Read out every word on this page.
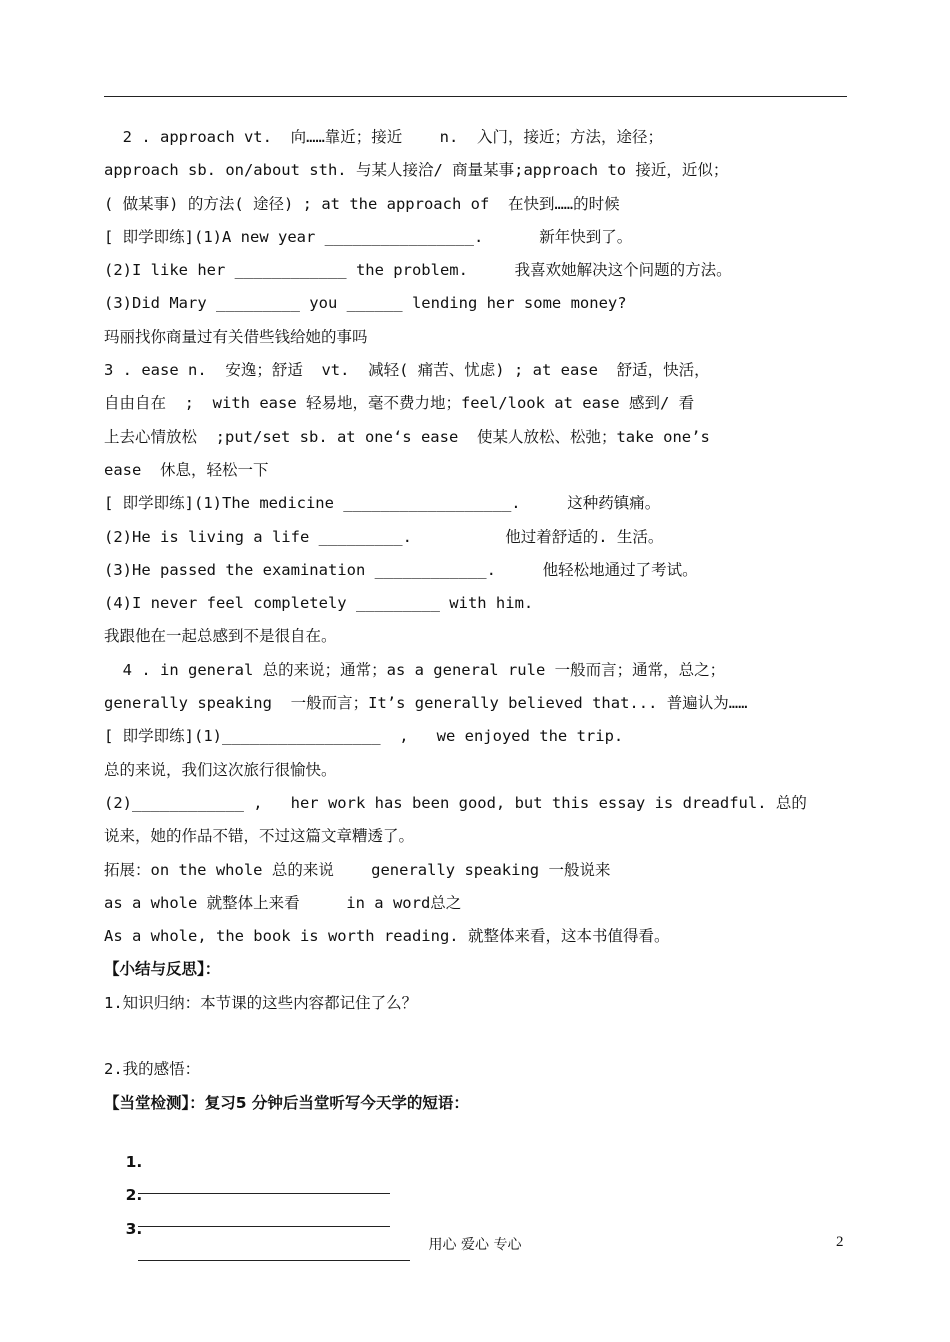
2 . approach vt.  向……靠近；接近    n.  入门，接近；方法，途径；
approach sb. on/about sth. 与某人接洽/ 商量某事;approach to 接近，近似；
( 做某事) 的方法( 途径) ; at the approach of  在快到……的时候
[ 即学即练](1)A new year ________________.      新年快到了。
(2)I like her ____________ the problem.     我喜欢她解决这个问题的方法。
(3)Did Mary _________ you ______ lending her some money?
玛丽找你商量过有关借些钱给她的事吗
3 . ease n.  安逸；舒适  vt.  减轻( 痛苦、忧虑) ; at ease  舒适，快活，
自由自在  ;  with ease 轻易地，毫不费力地；feel/look at ease 感到/ 看
上去心情放松  ;put/set sb. at one‘s ease  使某人放松、松弛；take one’s
ease  休息，轻松一下
[ 即学即练](1)The medicine __________________.     这种药镇痛。
(2)He is living a life _________.          他过着舒适的. 生活。
(3)He passed the examination ____________.     他轻松地通过了考试。
(4)I never feel completely _________ with him.
我跟他在一起总感到不是很自在。
4 . in general 总的来说；通常；as a general rule 一般而言；通常，总之；
generally speaking  一般而言；It’s generally believed that... 普遍认为……
[ 即学即练](1)_________________  ,   we enjoyed the trip.
总的来说，我们这次旅行很愉快。
(2)____________ ,   her work has been good, but this essay is dreadful. 总的
说来，她的作品不错，不过这篇文章糟透了。
拓展：on the whole 总的来说    generally speaking 一般说来
as a whole 就整体上来看     in a word总之
As a whole, the book is worth reading. 就整体来看，这本书值得看。
【小结与反思】：
1.知识归纳：本节课的这些内容都记住了么？
2.我的感悟：
【当堂检测】：复习5 分钟后当堂听写今天学的短语：

1.

2.

3.

用心 爱心 专心	2
